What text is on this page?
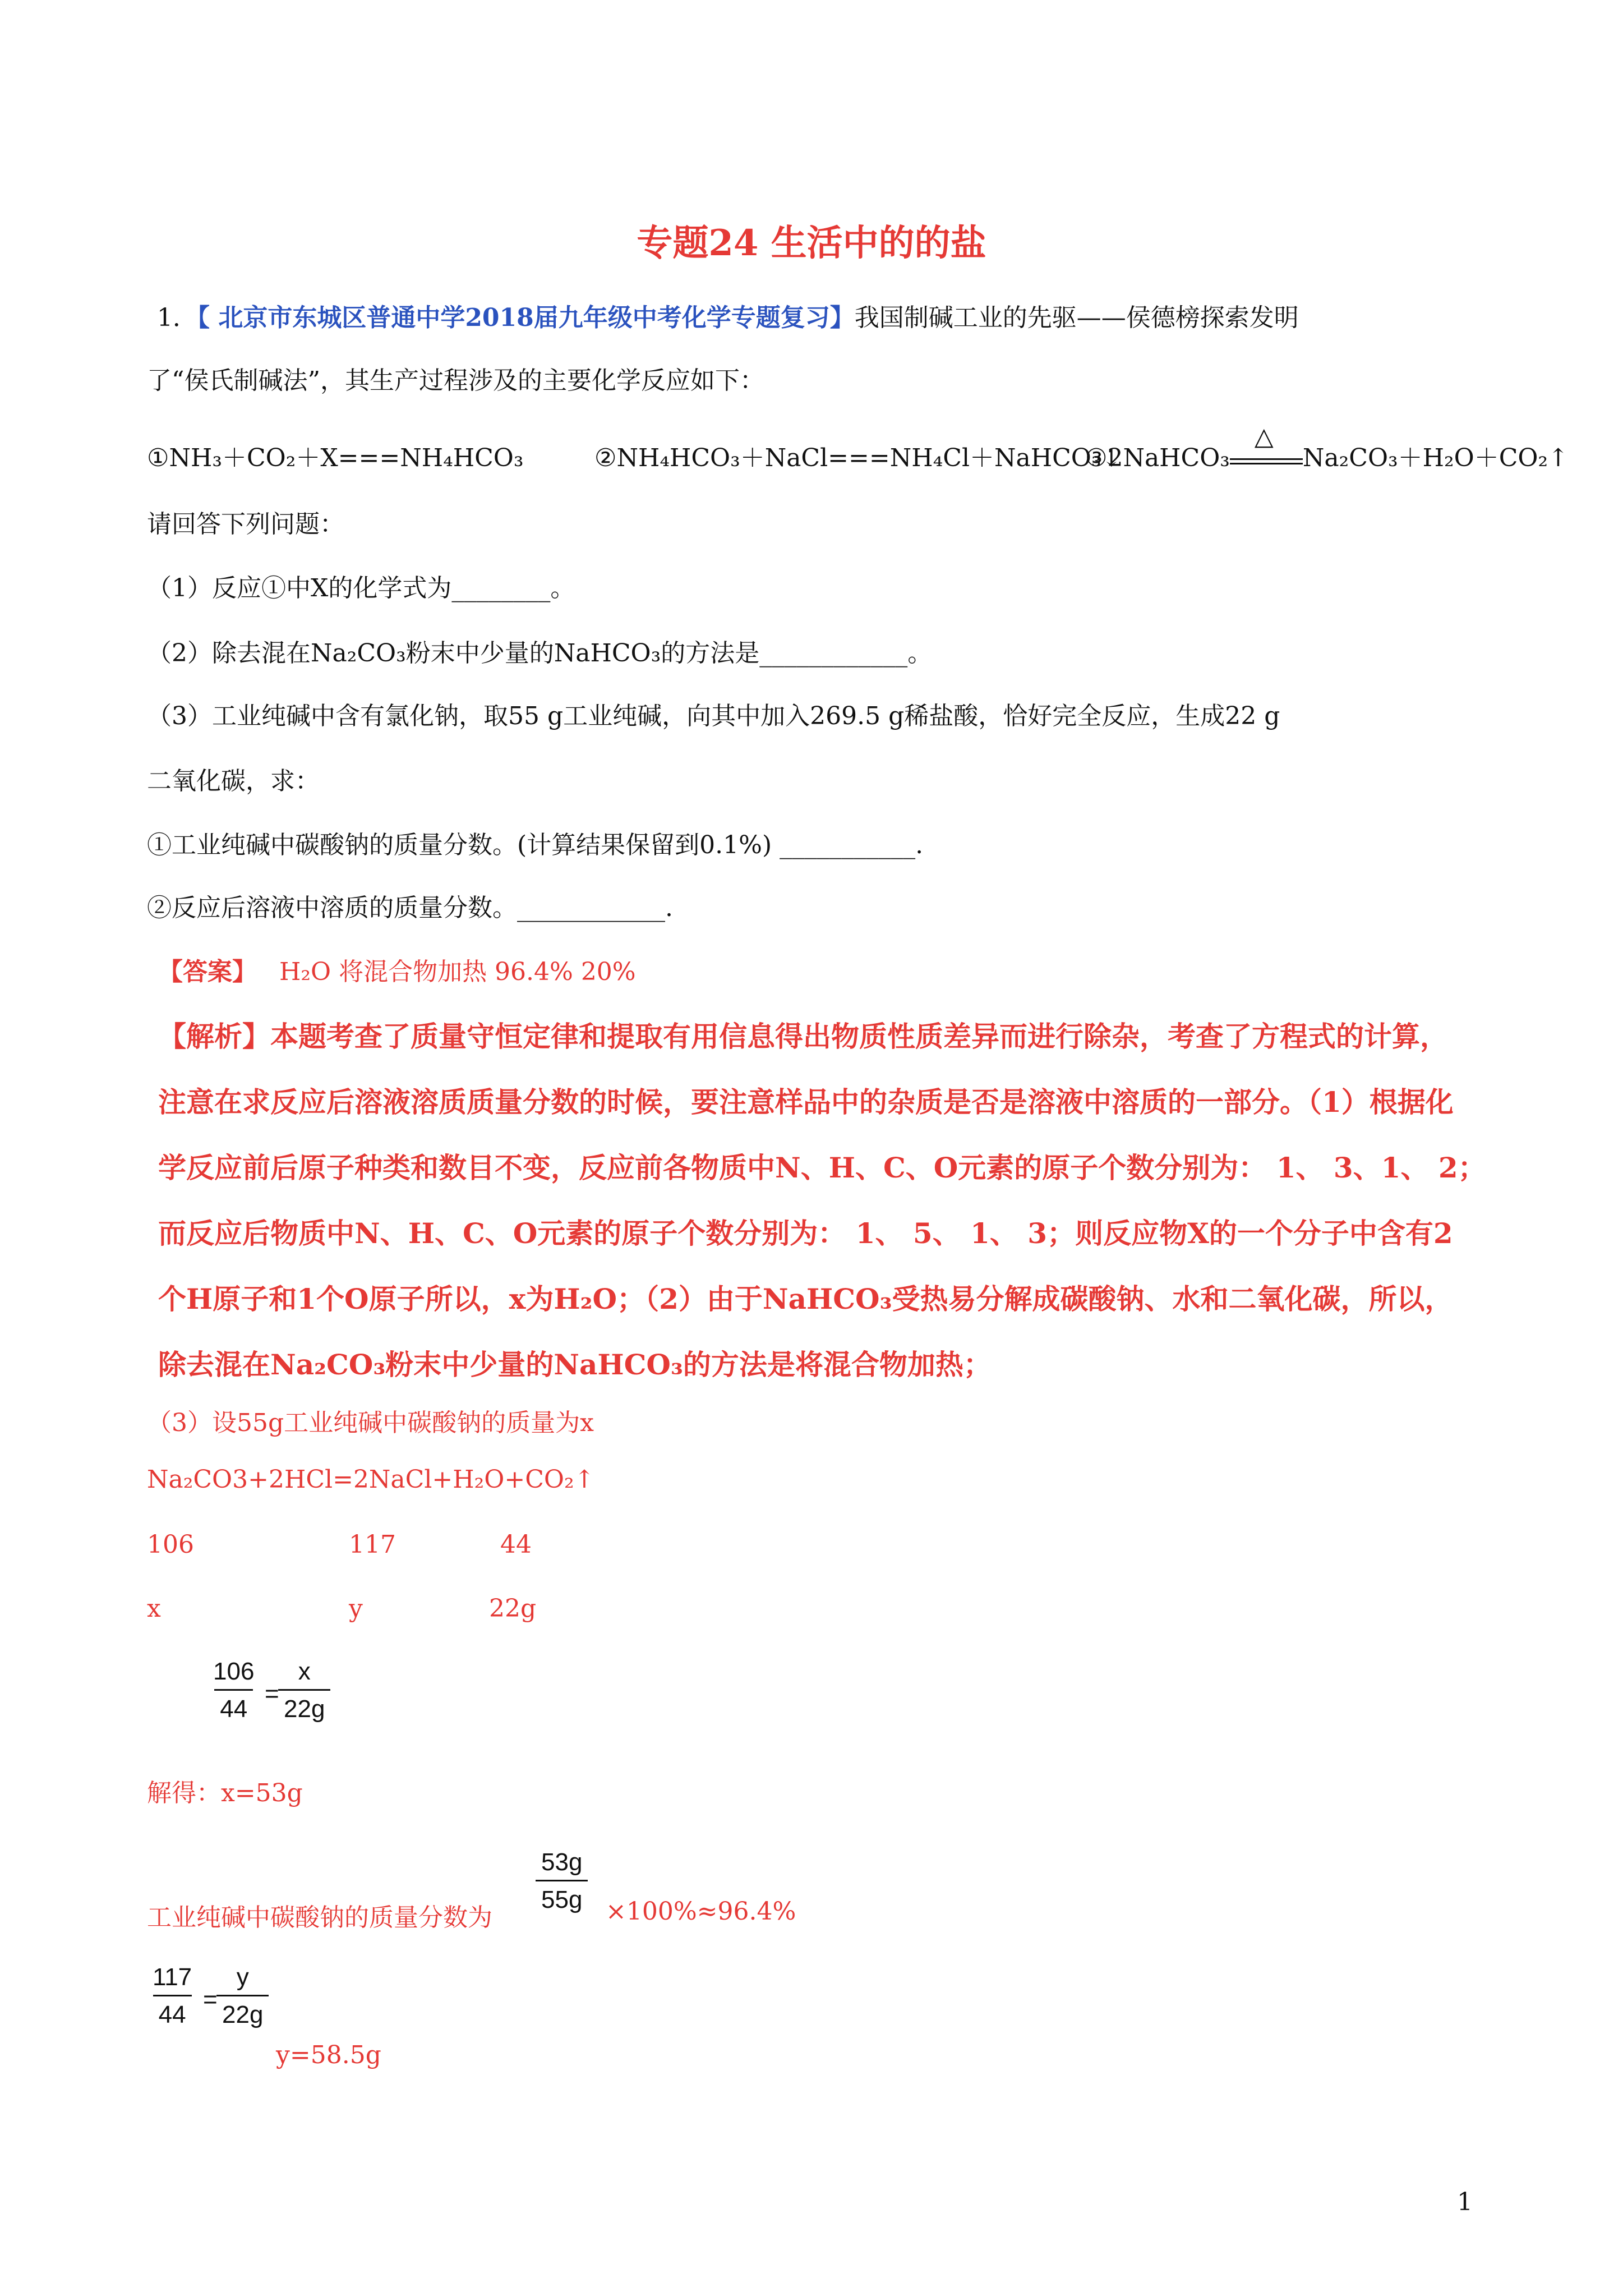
专题24 生活中的的盐
1．【 北京市东城区普通中学2018届九年级中考化学专题复习】我国制碱工业的先驱——侯德榜探索发明
了“侯氏制碱法”，其生产过程涉及的主要化学反应如下：
①NH₃＋CO₂＋X===NH₄HCO₃	②NH₄HCO₃＋NaCl===NH₄Cl＋NaHCO₃↓
③2NaHCO₃
△
Na₂CO₃＋H₂O＋CO₂↑
请回答下列问题：
（1）反应①中X的化学式为________。
（2）除去混在Na₂CO₃粉末中少量的NaHCO₃的方法是____________。
（3）工业纯碱中含有氯化钠，取55 g工业纯碱，向其中加入269.5 g稀盐酸，恰好完全反应，生成22 g
二氧化碳，求：
①工业纯碱中碳酸钠的质量分数。(计算结果保留到0.1%) ___________.
②反应后溶液中溶质的质量分数。____________.
【答案】 H₂O 将混合物加热 96.4% 20%
【解析】本题考查了质量守恒定律和提取有用信息得出物质性质差异而进行除杂，考查了方程式的计算，
注意在求反应后溶液溶质质量分数的时候，要注意样品中的杂质是否是溶液中溶质的一部分。（1）根据化
学反应前后原子种类和数目不变，反应前各物质中N、H、C、O元素的原子个数分别为： 1、 3、1、 2；
而反应后物质中N、H、C、O元素的原子个数分别为： 1、 5、 1、 3；则反应物X的一个分子中含有2
个H原子和1个O原子所以，x为H₂O；（2）由于NaHCO₃受热易分解成碳酸钠、水和二氧化碳，所以，
除去混在Na₂CO₃粉末中少量的NaHCO₃的方法是将混合物加热；
（3）设55g工业纯碱中碳酸钠的质量为x
Na₂CO3+2HCl=2NaCl+H₂O+CO₂↑
106	117	44
x	y	22g
$\frac{106}{44}$ =
$\frac{x}{22g}$
解得：x=53g
工业纯碱中碳酸钠的质量分数为
$\frac{53g}{55g} \times 100\%\approx 96.4\%$
$\frac{117}{44}$ =
$\frac{y}{22g}$
y=58.5g
1
